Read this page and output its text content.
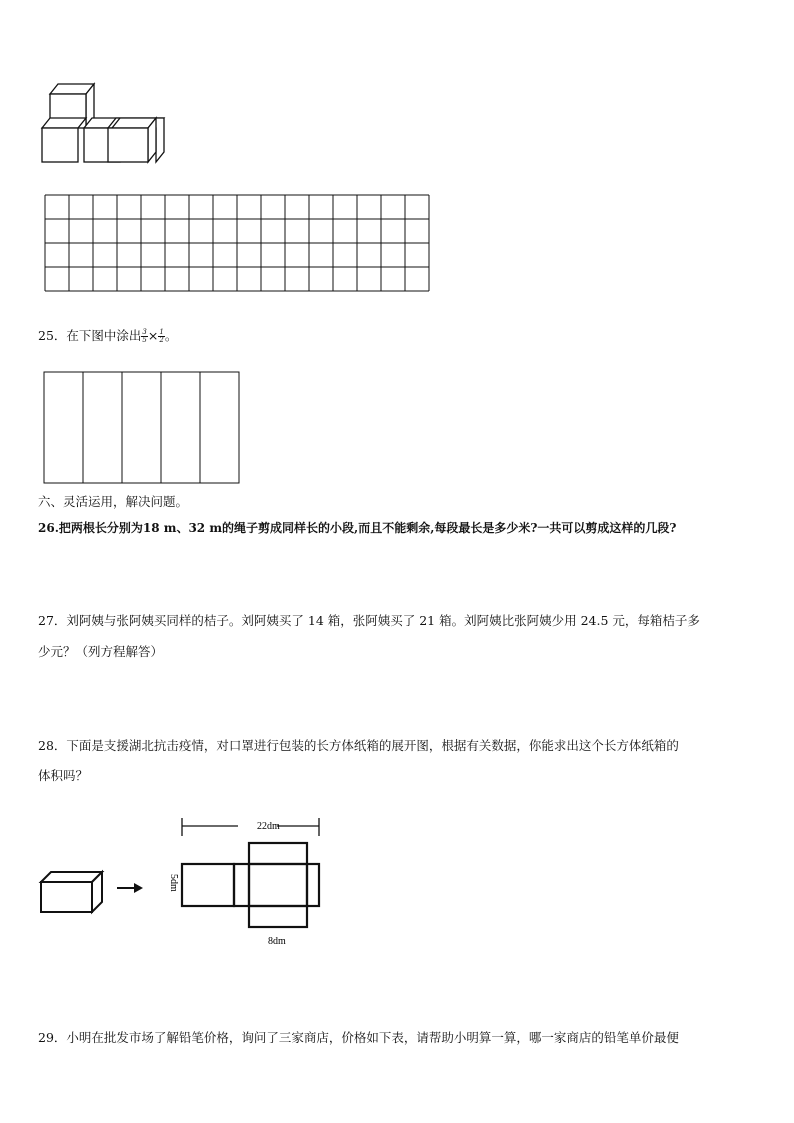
25．在下图中涂出 $\frac{3}{5} \times \frac{1}{2}$ 。
六、灵活运用，解决问题。
26.把两根长分别为18 m、32 m的绳子剪成同样长的小段,而且不能剩余,每段最长是多少米?一共可以剪成这样的几段?
27．刘阿姨与张阿姨买同样的桔子。刘阿姨买了 14 箱，张阿姨买了 21 箱。刘阿姨比张阿姨少用 24.5 元，每箱桔子多
少元？（列方程解答）
28．下面是支援湖北抗击疫情，对口罩进行包装的长方体纸箱的展开图，根据有关数据，你能求出这个长方体纸箱的
体积吗？
22dm
8dm
5dm
29．小明在批发市场了解铅笔价格，询问了三家商店，价格如下表，请帮助小明算一算，哪一家商店的铅笔单价最便
